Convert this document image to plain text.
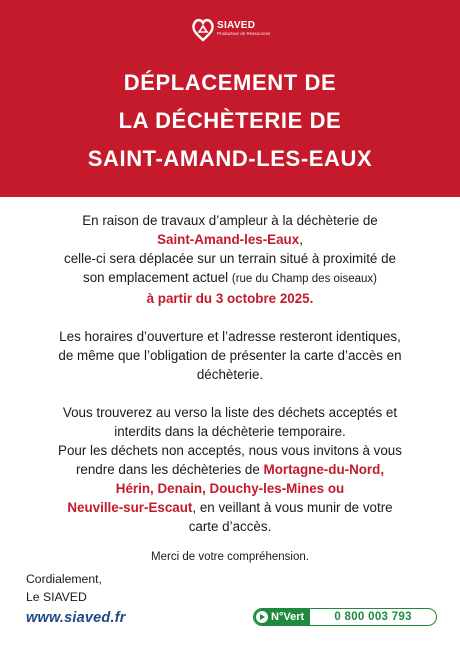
SIAVED
Producteur de Ressources
DÉPLACEMENT DE
LA DÉCHÈTERIE DE
SAINT-AMAND-LES-EAUX

En raison de travaux d’ampleur à la déchèterie de
Saint-Amand-les-Eaux,
celle-ci sera déplacée sur un terrain situé à proximité de
son emplacement actuel (rue du Champ des oiseaux)
à partir du 3 octobre 2025.

Les horaires d’ouverture et l’adresse resteront identiques,
de même que l’obligation de présenter la carte d’accès en
déchèterie.

Vous trouverez au verso la liste des déchets acceptés et
interdits dans la déchèterie temporaire.
Pour les déchets non acceptés, nous vous invitons à vous
rendre dans les déchèteries de Mortagne-du-Nord,
Hérin, Denain, Douchy-les-Mines ou
Neuville-sur-Escaut, en veillant à vous munir de votre
carte d’accès.

Merci de votre compréhension.
Cordialement,
Le SIAVED
www.siaved.fr	N°Vert	0 800 003 793
